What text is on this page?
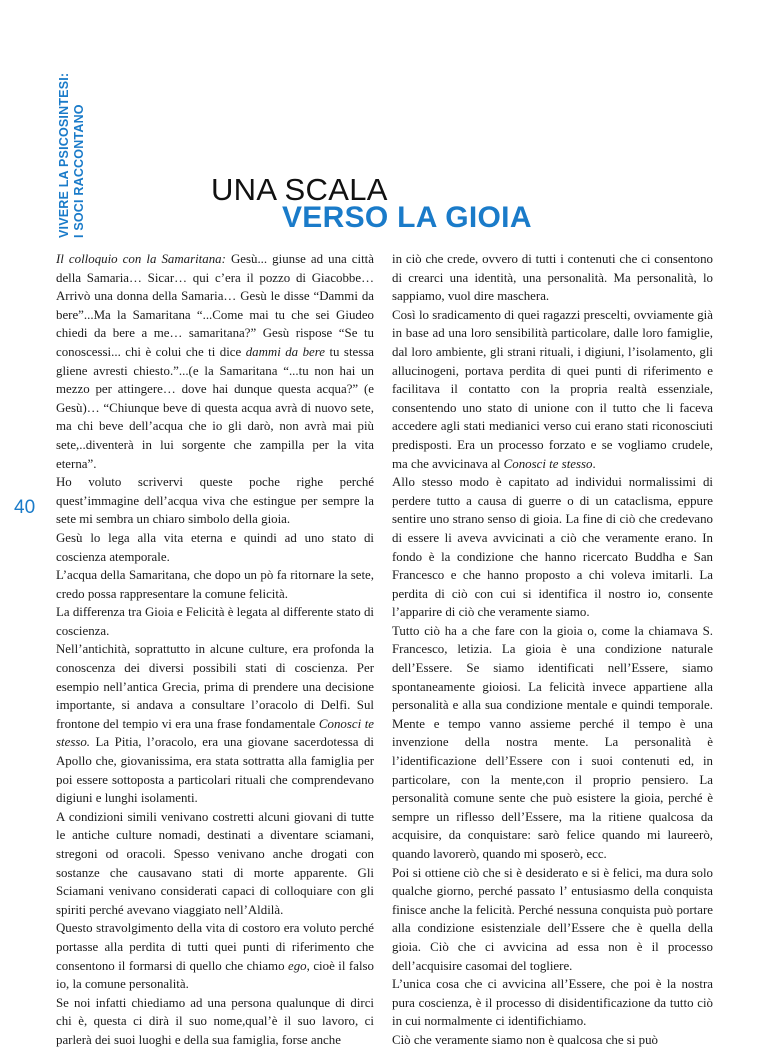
VIVERE LA PSICOSINTESI: I SOCI RACCONTANO	UNA SCALA
VERSO LA GIOIA
40

Il colloquio con la Samaritana: Gesù... giunse ad una città della Samaria… Sicar… qui c’era il pozzo di Giacobbe… Arrivò una donna della Samaria… Gesù le disse “Dammi da bere”...Ma la Samaritana “...Come mai tu che sei Giudeo chiedi da bere a me… samaritana?” Gesù rispose “Se tu conoscessi... chi è colui che ti dice dammi da bere tu stessa gliene avresti chiesto.”...(e la Samaritana “...tu non hai un mezzo per attingere… dove hai dunque questa acqua?” (e Gesù)… “Chiunque beve di questa acqua avrà di nuovo sete, ma chi beve dell’acqua che io gli darò, non avrà mai più sete,..diventerà in lui sorgente che zampilla per la vita eterna”.

Ho voluto scrivervi queste poche righe perché quest’immagine dell’acqua viva che estingue per sempre la sete mi sembra un chiaro simbolo della gioia.

Gesù lo lega alla vita eterna e quindi ad uno stato di coscienza atemporale.

L’acqua della Samaritana, che dopo un pò fa ritornare la sete, credo possa rappresentare la comune felicità.

La differenza tra Gioia e Felicità è legata al differente stato di coscienza.

Nell’antichità, soprattutto in alcune culture, era profonda la conoscenza dei diversi possibili stati di coscienza. Per esempio nell’antica Grecia, prima di prendere una decisione importante, si andava a consultare l’oracolo di Delfi. Sul frontone del tempio vi era una frase fondamentale Conosci te stesso. La Pitia, l’oracolo, era una giovane sacerdotessa di Apollo che, giovanissima, era stata sottratta alla famiglia per poi essere sottoposta a particolari rituali che comprendevano digiuni e lunghi isolamenti.

A condizioni simili venivano costretti alcuni giovani di tutte le antiche culture nomadi, destinati a diventare sciamani, stregoni od oracoli. Spesso venivano anche drogati con sostanze che causavano stati di morte apparente. Gli Sciamani venivano considerati capaci di colloquiare con gli spiriti perché avevano viaggiato nell’Aldilà.

Questo stravolgimento della vita di costoro era voluto perché portasse alla perdita di tutti quei punti di riferimento che consentono il formarsi di quello che chiamo ego, cioè il falso io, la comune personalità.

Se noi infatti chiediamo ad una persona qualunque di dirci chi è, questa ci dirà il suo nome,qual’è il suo lavoro, ci parlerà dei suoi luoghi e della sua famiglia, forse anche

in ciò che crede, ovvero di tutti i contenuti che ci consentono di crearci una identità, una personalità. Ma personalità, lo sappiamo, vuol dire maschera.

Così lo sradicamento di quei ragazzi prescelti, ovviamente già in base ad una loro sensibilità particolare, dalle loro famiglie, dal loro ambiente, gli strani rituali, i digiuni, l’isolamento, gli allucinogeni, portava perdita di quei punti di riferimento e facilitava il contatto con la propria realtà essenziale, consentendo uno stato di unione con il tutto che li faceva accedere agli stati medianici verso cui erano stati riconosciuti predisposti. Era un processo forzato e se vogliamo crudele, ma che avvicinava al Conosci te stesso.

Allo stesso modo è capitato ad individui normalissimi di perdere tutto a causa di guerre o di un cataclisma, eppure sentire uno strano senso di gioia. La fine di ciò che credevano di essere li aveva avvicinati a ciò che veramente erano. In fondo è la condizione che hanno ricercato Buddha e San Francesco e che hanno proposto a chi voleva imitarli. La perdita di ciò con cui si identifica il nostro io, consente l’apparire di ciò che veramente siamo.

Tutto ciò ha a che fare con la gioia o, come la chiamava S. Francesco, letizia. La gioia è una condizione naturale dell’Essere. Se siamo identificati nell’Essere, siamo spontaneamente gioiosi. La felicità invece appartiene alla personalità e alla sua condizione mentale e quindi temporale. Mente e tempo vanno assieme perché il tempo è una invenzione della nostra mente. La personalità è l’identificazione dell’Essere con i suoi contenuti ed, in particolare, con la mente,con il proprio pensiero. La personalità comune sente che può esistere la gioia, perché è sempre un riflesso dell’Essere, ma la ritiene qualcosa da acquisire, da conquistare: sarò felice quando mi laureerò, quando lavorerò, quando mi sposerò, ecc.

Poi si ottiene ciò che si è desiderato e si è felici, ma dura solo qualche giorno, perché passato l’ entusiasmo della conquista finisce anche la felicità. Perché nessuna conquista può portare alla condizione esistenziale dell’Essere che è quella della gioia. Ciò che ci avvicina ad essa non è il processo dell’acquisire casomai del togliere.

L’unica cosa che ci avvicina all’Essere, che poi è la nostra pura coscienza, è il processo di disidentificazione da tutto ciò in cui normalmente ci identifichiamo.

Ciò che veramente siamo non è qualcosa che si può
